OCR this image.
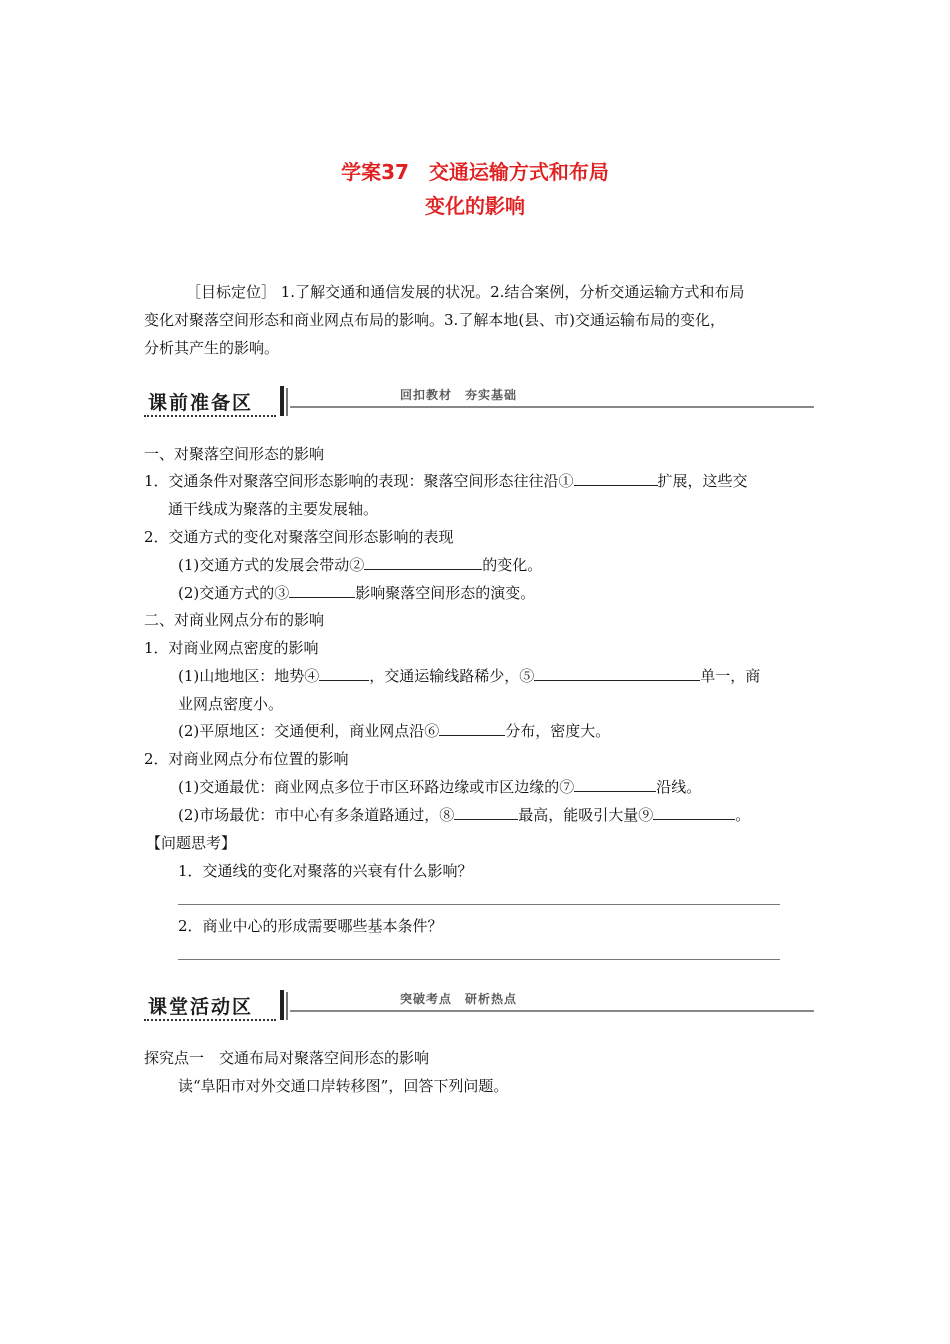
学案37　交通运输方式和布局
变化的影响
［目标定位］ 1.了解交通和通信发展的状况。2.结合案例，分析交通运输方式和布局
变化对聚落空间形态和商业网点布局的影响。3.了解本地(县、市)交通运输布局的变化，
分析其产生的影响。
课前准备区	回扣教材　夯实基础
一、对聚落空间形态的影响
1．交通条件对聚落空间形态影响的表现：聚落空间形态往往沿①	扩展，这些交
通干线成为聚落的主要发展轴。
2．交通方式的变化对聚落空间形态影响的表现
(1)交通方式的发展会带动②	的变化。
(2)交通方式的③	影响聚落空间形态的演变。
二、对商业网点分布的影响
1．对商业网点密度的影响
(1)山地地区：地势④	，交通运输线路稀少，⑤	单一，商
业网点密度小。
(2)平原地区：交通便利，商业网点沿⑥	分布，密度大。
2．对商业网点分布位置的影响
(1)交通最优：商业网点多位于市区环路边缘或市区边缘的⑦	沿线。
(2)市场最优：市中心有多条道路通过，⑧	最高，能吸引大量⑨	。
【问题思考】
1．交通线的变化对聚落的兴衰有什么影响？
2．商业中心的形成需要哪些基本条件？
课堂活动区	突破考点　研析热点
探究点一　交通布局对聚落空间形态的影响
读“阜阳市对外交通口岸转移图”，回答下列问题。
